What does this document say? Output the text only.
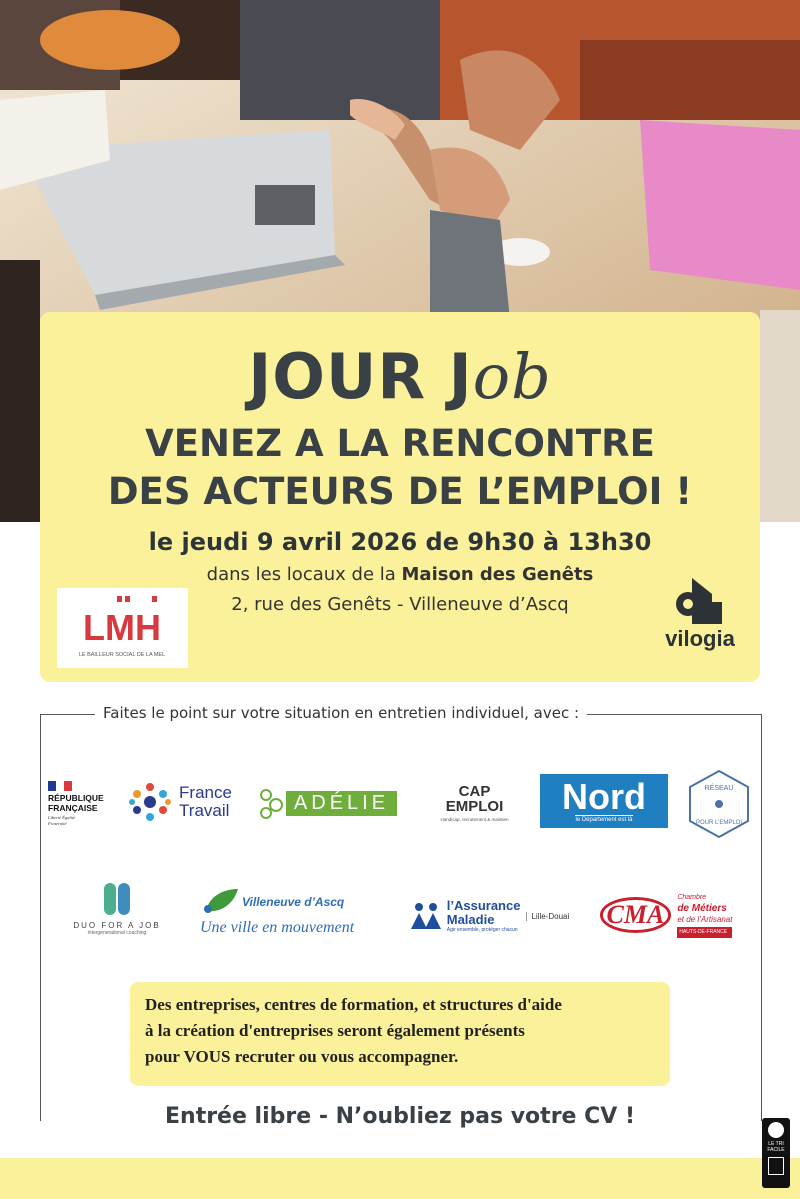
JOUR Job
VENEZ A LA RENCONTRE
DES ACTEURS DE L’EMPLOI !
le jeudi 9 avril 2026 de 9h30 à 13h30
dans les locaux de la Maison des Genêts
2, rue des Genêts - Villeneuve d’Ascq
LMH
LE BAILLEUR SOCIAL DE LA MEL
vilogia
Faites le point sur votre situation en entretien individuel, avec :
RÉPUBLIQUE
FRANÇAISE
Liberté Égalité Fraternité
France
Travail	ADÉLIE	CAP
EMPLOI
Handicap, recrutement & maintien
Nord
le Département est là
RÉSEAU
POUR L’EMPLOI
DUO FOR A JOB
intergenerational coaching
Villeneuve d’Ascq
Une ville en mouvement
l’Assurance
Maladie
Agir ensemble, protéger chacun
Lille-Douai CMA
Chambre
de Métiers
et de l’Artisanat
HAUTS-DE-FRANCE
Des entreprises, centres de formation, et structures d'aide
à la création d'entreprises seront également présents
pour VOUS recruter ou vous accompagner.
Entrée libre - N’oubliez pas votre CV !
LE TRI FACILE
